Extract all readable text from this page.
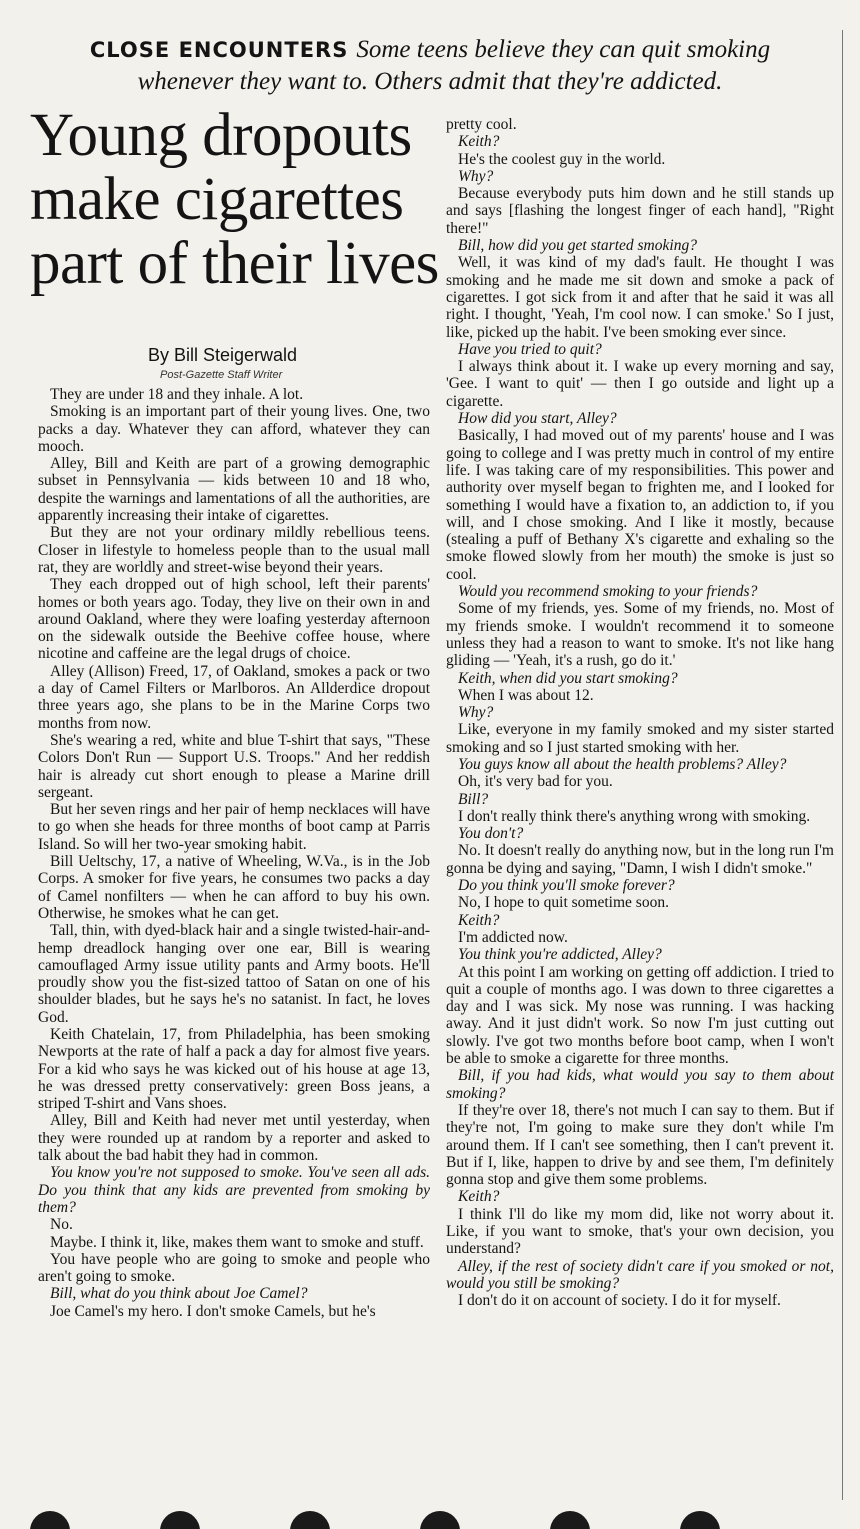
CLOSE ENCOUNTERS Some teens believe they can quit smoking
whenever they want to. Others admit that they're addicted.
Young dropouts make cigarettes part of their lives
By Bill Steigerwald
Post-Gazette Staff Writer

They are under 18 and they inhale. A lot.

Smoking is an important part of their young lives. One, two packs a day. Whatever they can afford, whatever they can mooch.

Alley, Bill and Keith are part of a growing demographic subset in Pennsylvania — kids between 10 and 18 who, despite the warnings and lamentations of all the authorities, are apparently increasing their intake of cigarettes.

But they are not your ordinary mildly rebellious teens. Closer in lifestyle to homeless people than to the usual mall rat, they are worldly and street-wise beyond their years.

They each dropped out of high school, left their parents' homes or both years ago. Today, they live on their own in and around Oakland, where they were loafing yesterday afternoon on the sidewalk outside the Beehive coffee house, where nicotine and caffeine are the legal drugs of choice.

Alley (Allison) Freed, 17, of Oakland, smokes a pack or two a day of Camel Filters or Marlboros. An Allderdice dropout three years ago, she plans to be in the Marine Corps two months from now.

She's wearing a red, white and blue T-shirt that says, "These Colors Don't Run — Support U.S. Troops." And her reddish hair is already cut short enough to please a Marine drill sergeant.

But her seven rings and her pair of hemp necklaces will have to go when she heads for three months of boot camp at Parris Island. So will her two-year smoking habit.

Bill Ueltschy, 17, a native of Wheeling, W.Va., is in the Job Corps. A smoker for five years, he consumes two packs a day of Camel nonfilters — when he can afford to buy his own. Otherwise, he smokes what he can get.

Tall, thin, with dyed-black hair and a single twisted-hair-and-hemp dreadlock hanging over one ear, Bill is wearing camouflaged Army issue utility pants and Army boots. He'll proudly show you the fist-sized tattoo of Satan on one of his shoulder blades, but he says he's no satanist. In fact, he loves God.

Keith Chatelain, 17, from Philadelphia, has been smoking Newports at the rate of half a pack a day for almost five years. For a kid who says he was kicked out of his house at age 13, he was dressed pretty conservatively: green Boss jeans, a striped T-shirt and Vans shoes.

Alley, Bill and Keith had never met until yesterday, when they were rounded up at random by a reporter and asked to talk about the bad habit they had in common.

You know you're not supposed to smoke. You've seen all ads. Do you think that any kids are prevented from smoking by them?

No.

Maybe. I think it, like, makes them want to smoke and stuff.

You have people who are going to smoke and people who aren't going to smoke.

Bill, what do you think about Joe Camel?

Joe Camel's my hero. I don't smoke Camels, but he's

pretty cool.

Keith?

He's the coolest guy in the world.

Why?

Because everybody puts him down and he still stands up and says [flashing the longest finger of each hand], "Right there!"

Bill, how did you get started smoking?

Well, it was kind of my dad's fault. He thought I was smoking and he made me sit down and smoke a pack of cigarettes. I got sick from it and after that he said it was all right. I thought, 'Yeah, I'm cool now. I can smoke.' So I just, like, picked up the habit. I've been smoking ever since.

Have you tried to quit?

I always think about it. I wake up every morning and say, 'Gee. I want to quit' — then I go outside and light up a cigarette.

How did you start, Alley?

Basically, I had moved out of my parents' house and I was going to college and I was pretty much in control of my entire life. I was taking care of my responsibilities. This power and authority over myself began to frighten me, and I looked for something I would have a fixation to, an addiction to, if you will, and I chose smoking. And I like it mostly, because (stealing a puff of Bethany X's cigarette and exhaling so the smoke flowed slowly from her mouth) the smoke is just so cool.

Would you recommend smoking to your friends?

Some of my friends, yes. Some of my friends, no. Most of my friends smoke. I wouldn't recommend it to someone unless they had a reason to want to smoke. It's not like hang gliding — 'Yeah, it's a rush, go do it.'

Keith, when did you start smoking?

When I was about 12.

Why?

Like, everyone in my family smoked and my sister started smoking and so I just started smoking with her.

You guys know all about the health problems? Alley?

Oh, it's very bad for you.

Bill?

I don't really think there's anything wrong with smoking.

You don't?

No. It doesn't really do anything now, but in the long run I'm gonna be dying and saying, "Damn, I wish I didn't smoke."

Do you think you'll smoke forever?

No, I hope to quit sometime soon.

Keith?

I'm addicted now.

You think you're addicted, Alley?

At this point I am working on getting off addiction. I tried to quit a couple of months ago. I was down to three cigarettes a day and I was sick. My nose was running. I was hacking away. And it just didn't work. So now I'm just cutting out slowly. I've got two months before boot camp, when I won't be able to smoke a cigarette for three months.

Bill, if you had kids, what would you say to them about smoking?

If they're over 18, there's not much I can say to them. But if they're not, I'm going to make sure they don't while I'm around them. If I can't see something, then I can't prevent it. But if I, like, happen to drive by and see them, I'm definitely gonna stop and give them some problems.

Keith?

I think I'll do like my mom did, like not worry about it. Like, if you want to smoke, that's your own decision, you understand?

Alley, if the rest of society didn't care if you smoked or not, would you still be smoking?

I don't do it on account of society. I do it for myself.
